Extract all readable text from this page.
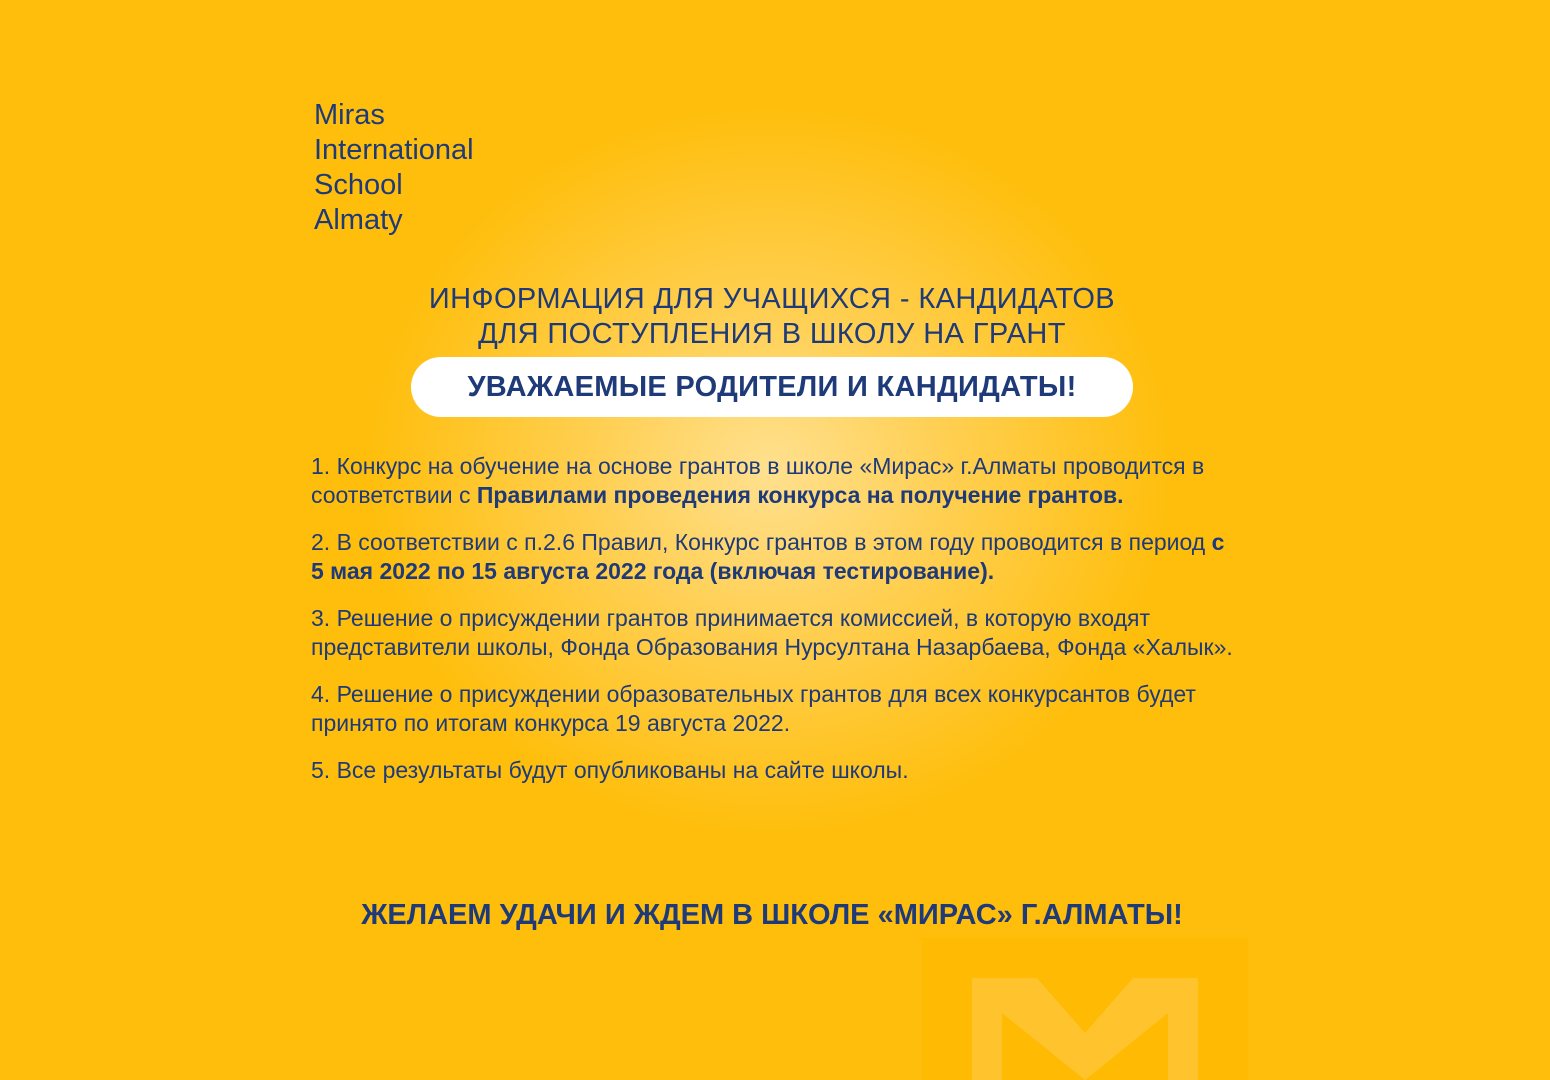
Miras
International
School
Almaty
ИНФОРМАЦИЯ ДЛЯ УЧАЩИХСЯ - КАНДИДАТОВ
ДЛЯ ПОСТУПЛЕНИЯ В ШКОЛУ НА ГРАНТ
УВАЖАЕМЫЕ РОДИТЕЛИ И КАНДИДАТЫ!
1. Конкурс на обучение на основе грантов в школе «Мирас» г.Алматы проводится в соответствии с Правилами проведения конкурса на получение грантов.
2. В соответствии с п.2.6 Правил, Конкурс грантов в этом году проводится в период с 5 мая 2022 по 15 августа 2022 года (включая тестирование).
3. Решение о присуждении грантов принимается комиссией, в которую входят представители школы, Фонда Образования Нурсултана Назарбаева, Фонда «Халык».
4. Решение о присуждении образовательных грантов для всех конкурсантов будет принято по итогам конкурса 19 августа 2022.
5. Все результаты будут опубликованы на сайте школы.
ЖЕЛАЕМ УДАЧИ И ЖДЕМ В ШКОЛЕ «МИРАС» Г.АЛМАТЫ!
